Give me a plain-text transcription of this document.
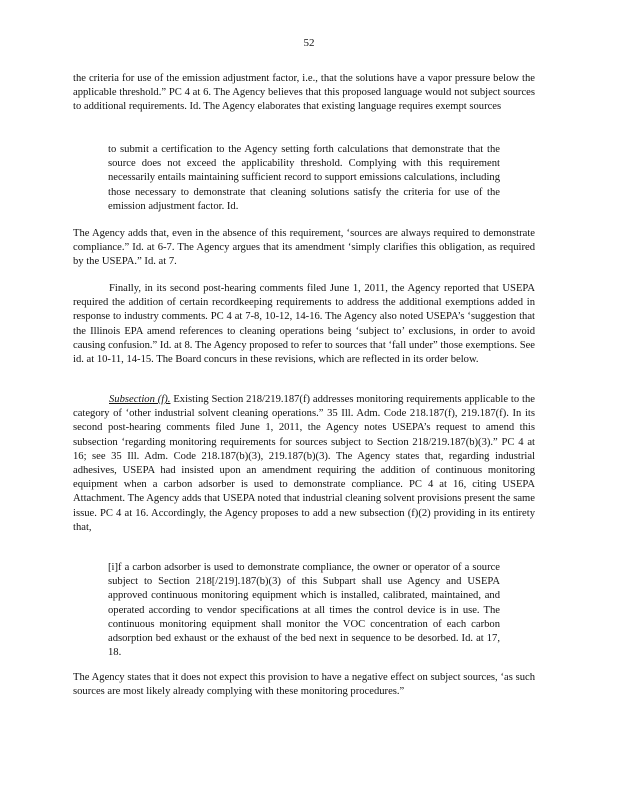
52

the criteria for use of the emission adjustment factor, i.e., that the solutions have a vapor pressure below the applicable threshold.” PC 4 at 6. The Agency believes that this proposed language would not subject sources to additional requirements. Id. The Agency elaborates that existing language requires exempt sources

to submit a certification to the Agency setting forth calculations that demonstrate that the source does not exceed the applicability threshold. Complying with this requirement necessarily entails maintaining sufficient record to support emissions calculations, including those necessary to demonstrate that cleaning solutions satisfy the criteria for use of the emission adjustment factor. Id.

The Agency adds that, even in the absence of this requirement, ‘sources are always required to demonstrate compliance.” Id. at 6-7. The Agency argues that its amendment ‘simply clarifies this obligation, as required by the USEPA.” Id. at 7.

Finally, in its second post-hearing comments filed June 1, 2011, the Agency reported that USEPA required the addition of certain recordkeeping requirements to address the additional exemptions added in response to industry comments. PC 4 at 7-8, 10-12, 14-16. The Agency also noted USEPA’s ‘suggestion that the Illinois EPA amend references to cleaning operations being ‘subject to’ exclusions, in order to avoid causing confusion.” Id. at 8. The Agency proposed to refer to sources that ‘fall under” those exemptions. See id. at 10-11, 14-15. The Board concurs in these revisions, which are reflected in its order below.

Subsection (f). Existing Section 218/219.187(f) addresses monitoring requirements applicable to the category of ‘other industrial solvent cleaning operations.” 35 Ill. Adm. Code 218.187(f), 219.187(f). In its second post-hearing comments filed June 1, 2011, the Agency notes USEPA’s request to amend this subsection ‘regarding monitoring requirements for sources subject to Section 218/219.187(b)(3).” PC 4 at 16; see 35 Ill. Adm. Code 218.187(b)(3), 219.187(b)(3). The Agency states that, regarding industrial adhesives, USEPA had insisted upon an amendment requiring the addition of continuous monitoring equipment when a carbon adsorber is used to demonstrate compliance. PC 4 at 16, citing USEPA Attachment. The Agency adds that USEPA noted that industrial cleaning solvent provisions present the same issue. PC 4 at 16. Accordingly, the Agency proposes to add a new subsection (f)(2) providing in its entirety that,

[i]f a carbon adsorber is used to demonstrate compliance, the owner or operator of a source subject to Section 218[/219].187(b)(3) of this Subpart shall use Agency and USEPA approved continuous monitoring equipment which is installed, calibrated, maintained, and operated according to vendor specifications at all times the control device is in use. The continuous monitoring equipment shall monitor the VOC concentration of each carbon adsorption bed exhaust or the exhaust of the bed next in sequence to be desorbed. Id. at 17, 18.

The Agency states that it does not expect this provision to have a negative effect on subject sources, ‘as such sources are most likely already complying with these monitoring procedures.”
